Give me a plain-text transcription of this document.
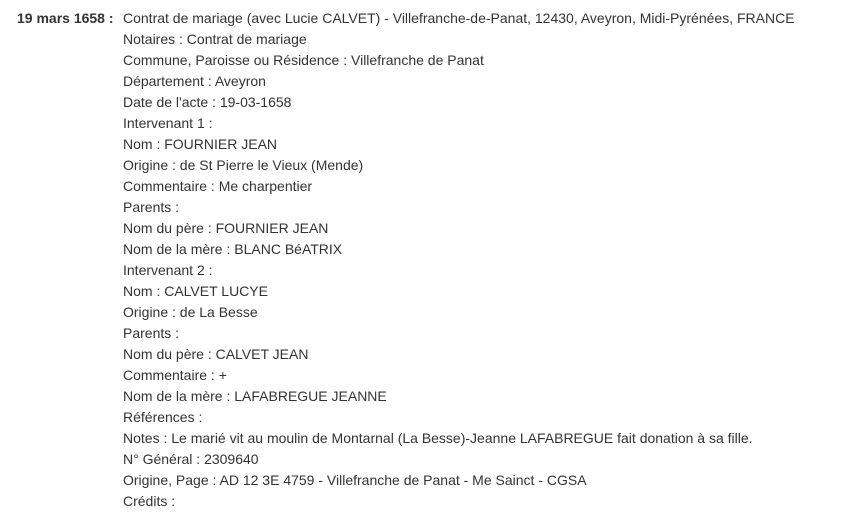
19 mars 1658 : Contrat de mariage (avec Lucie CALVET) - Villefranche-de-Panat, 12430, Aveyron, Midi-Pyrénées, FRANCE
Notaires : Contrat de mariage
Commune, Paroisse ou Résidence : Villefranche de Panat
Département : Aveyron
Date de l'acte : 19-03-1658
Intervenant 1 :
Nom : FOURNIER JEAN
Origine : de St Pierre le Vieux (Mende)
Commentaire : Me charpentier
Parents :
Nom du père : FOURNIER JEAN
Nom de la mère : BLANC BéATRIX
Intervenant 2 :
Nom : CALVET LUCYE
Origine : de La Besse
Parents :
Nom du père : CALVET JEAN
Commentaire : +
Nom de la mère : LAFABREGUE JEANNE
Références :
Notes : Le marié vit au moulin de Montarnal (La Besse)-Jeanne LAFABREGUE fait donation à sa fille.
N° Général : 2309640
Origine, Page : AD 12 3E 4759 - Villefranche de Panat - Me Sainct - CGSA
Crédits :
